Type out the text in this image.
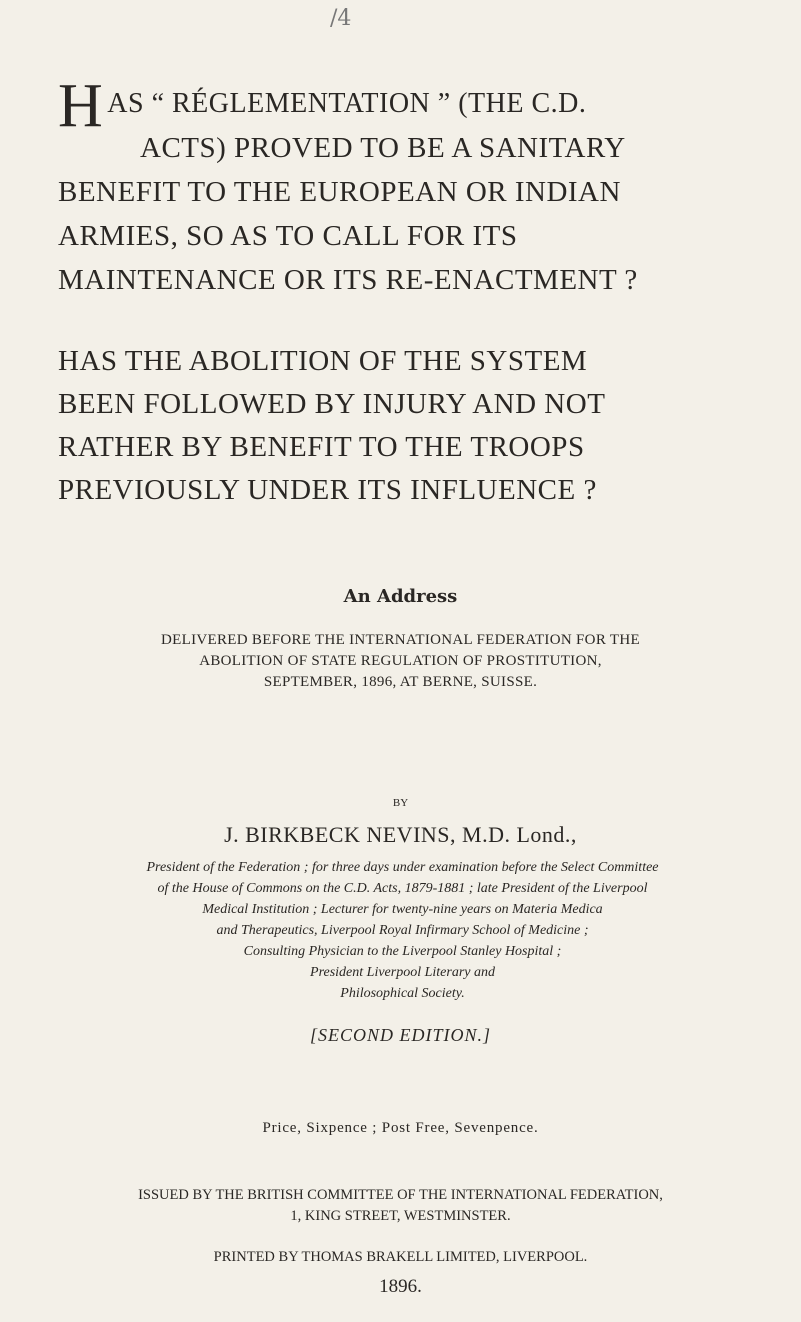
/4
H AS “ RÉGLEMENTATION ” (THE C.D.
ACTS) PROVED TO BE A SANITARY
BENEFIT TO THE EUROPEAN OR INDIAN
ARMIES, SO AS TO CALL FOR ITS
MAINTENANCE OR ITS RE-ENACTMENT ?
HAS THE ABOLITION OF THE SYSTEM
BEEN FOLLOWED BY INJURY AND NOT
RATHER BY BENEFIT TO THE TROOPS
PREVIOUSLY UNDER ITS INFLUENCE ?
An Address
DELIVERED BEFORE THE INTERNATIONAL FEDERATION FOR THE
ABOLITION OF STATE REGULATION OF PROSTITUTION,
SEPTEMBER, 1896, AT BERNE, SUISSE.
BY
J. BIRKBECK NEVINS, M.D. Lond.,
President of the Federation ; for three days under examination before the Select Committee
of the House of Commons on the C.D. Acts, 1879-1881 ; late President of the Liverpool
Medical Institution ; Lecturer for twenty-nine years on Materia Medica
and Therapeutics, Liverpool Royal Infirmary School of Medicine ;
Consulting Physician to the Liverpool Stanley Hospital ;
President Liverpool Literary and
Philosophical Society.
[SECOND EDITION.]
Price, Sixpence ; Post Free, Sevenpence.
ISSUED BY THE BRITISH COMMITTEE OF THE INTERNATIONAL FEDERATION,
1, KING STREET, WESTMINSTER.
PRINTED BY THOMAS BRAKELL LIMITED, LIVERPOOL.
1896.
